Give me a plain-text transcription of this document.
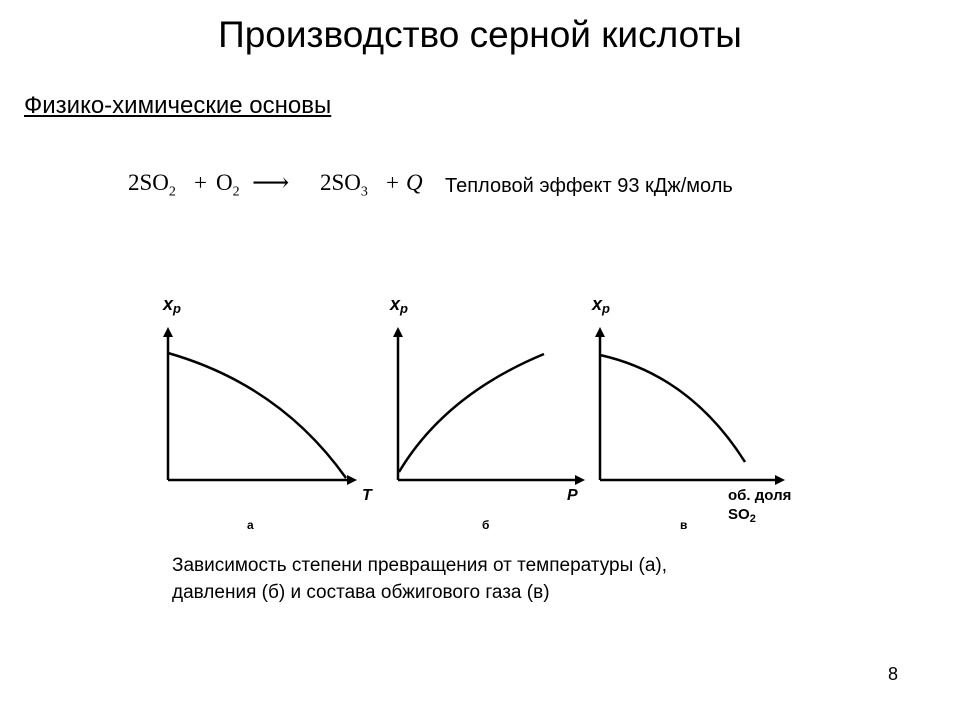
Производство серной кислоты
Физико-химические основы
$2SO_2 + O_2$ ⟶ $2SO_3 + Q$ Тепловой эффект 93 кДж/моль
xp
T
а
xp
P
б
xp
об. доля
$SO_2$
в
Зависимость степени превращения от температуры (а),
давления (б) и состава обжигового газа (в)
8
